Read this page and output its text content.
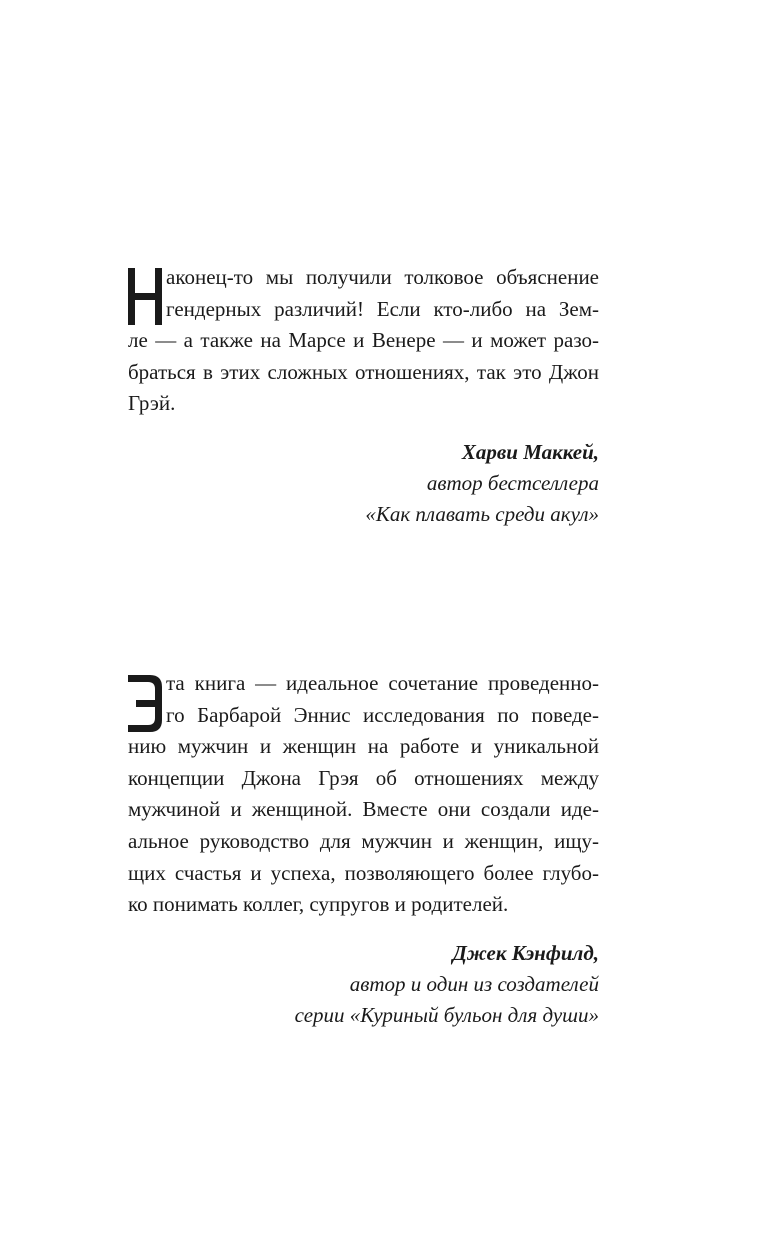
аконец-то мы получили толковое объяснение
гендерных различий! Если кто-либо на Зем-
ле — а также на Марсе и Венере — и может разо-
браться в этих сложных отношениях, так это Джон
Грэй.

Харви Маккей,
автор бестселлера
«Как плавать среди акул»

та книга — идеальное сочетание проведенно-
го Барбарой Эннис исследования по поведе-
нию мужчин и женщин на работе и уникальной
концепции Джона Грэя об отношениях между
мужчиной и женщиной. Вместе они создали иде-
альное руководство для мужчин и женщин, ищу-
щих счастья и успеха, позволяющего более глубо-
ко понимать коллег, супругов и родителей.

Джек Кэнфилд,
автор и один из создателей
серии «Куриный бульон для души»
